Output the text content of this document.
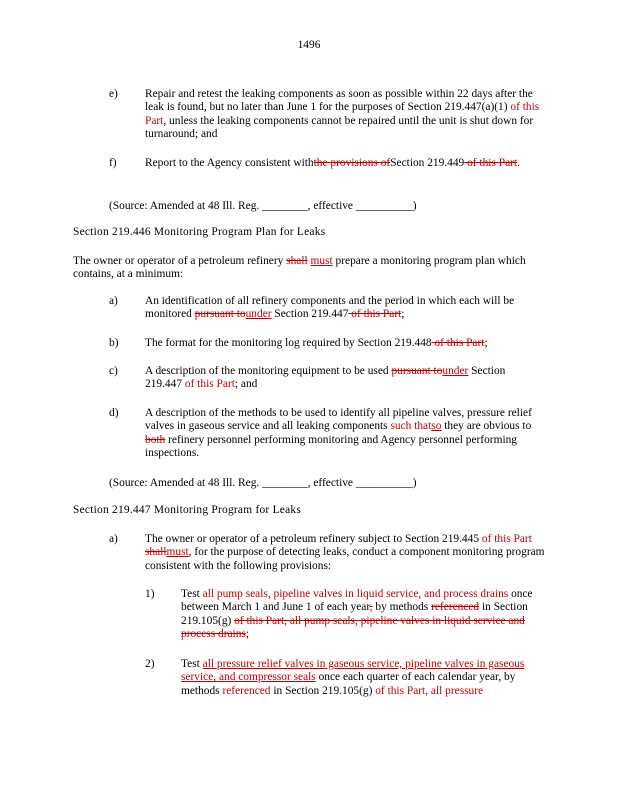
1496
e) Repair and retest the leaking components as soon as possible within 22 days after the leak is found, but no later than June 1 for the purposes of Section 219.447(a)(1) of this Part, unless the leaking components cannot be repaired until the unit is shut down for turnaround; and
f) Report to the Agency consistent withthe provisions ofSection 219.449 of this Part.
(Source: Amended at 48 Ill. Reg. ________, effective __________)
Section 219.446 Monitoring Program Plan for Leaks
The owner or operator of a petroleum refinery shall must prepare a monitoring program plan which contains, at a minimum:
a) An identification of all refinery components and the period in which each will be monitored pursuant tounder Section 219.447 of this Part;
b) The format for the monitoring log required by Section 219.448 of this Part;
c) A description of the monitoring equipment to be used pursuant tounder Section 219.447 of this Part; and
d) A description of the methods to be used to identify all pipeline valves, pressure relief valves in gaseous service and all leaking components such thatso they are obvious to both refinery personnel performing monitoring and Agency personnel performing inspections.
(Source: Amended at 48 Ill. Reg. ________, effective __________)
Section 219.447 Monitoring Program for Leaks
a) The owner or operator of a petroleum refinery subject to Section 219.445 of this Part shallmust, for the purpose of detecting leaks, conduct a component monitoring program consistent with the following provisions:
1) Test all pump seals, pipeline valves in liquid service, and process drains once between March 1 and June 1 of each year, by methods referenced in Section 219.105(g) of this Part, all pump seals, pipeline valves in liquid service and process drains;
2) Test all pressure relief valves in gaseous service, pipeline valves in gaseous service, and compressor seals once each quarter of each calendar year, by methods referenced in Section 219.105(g) of this Part, all pressure
